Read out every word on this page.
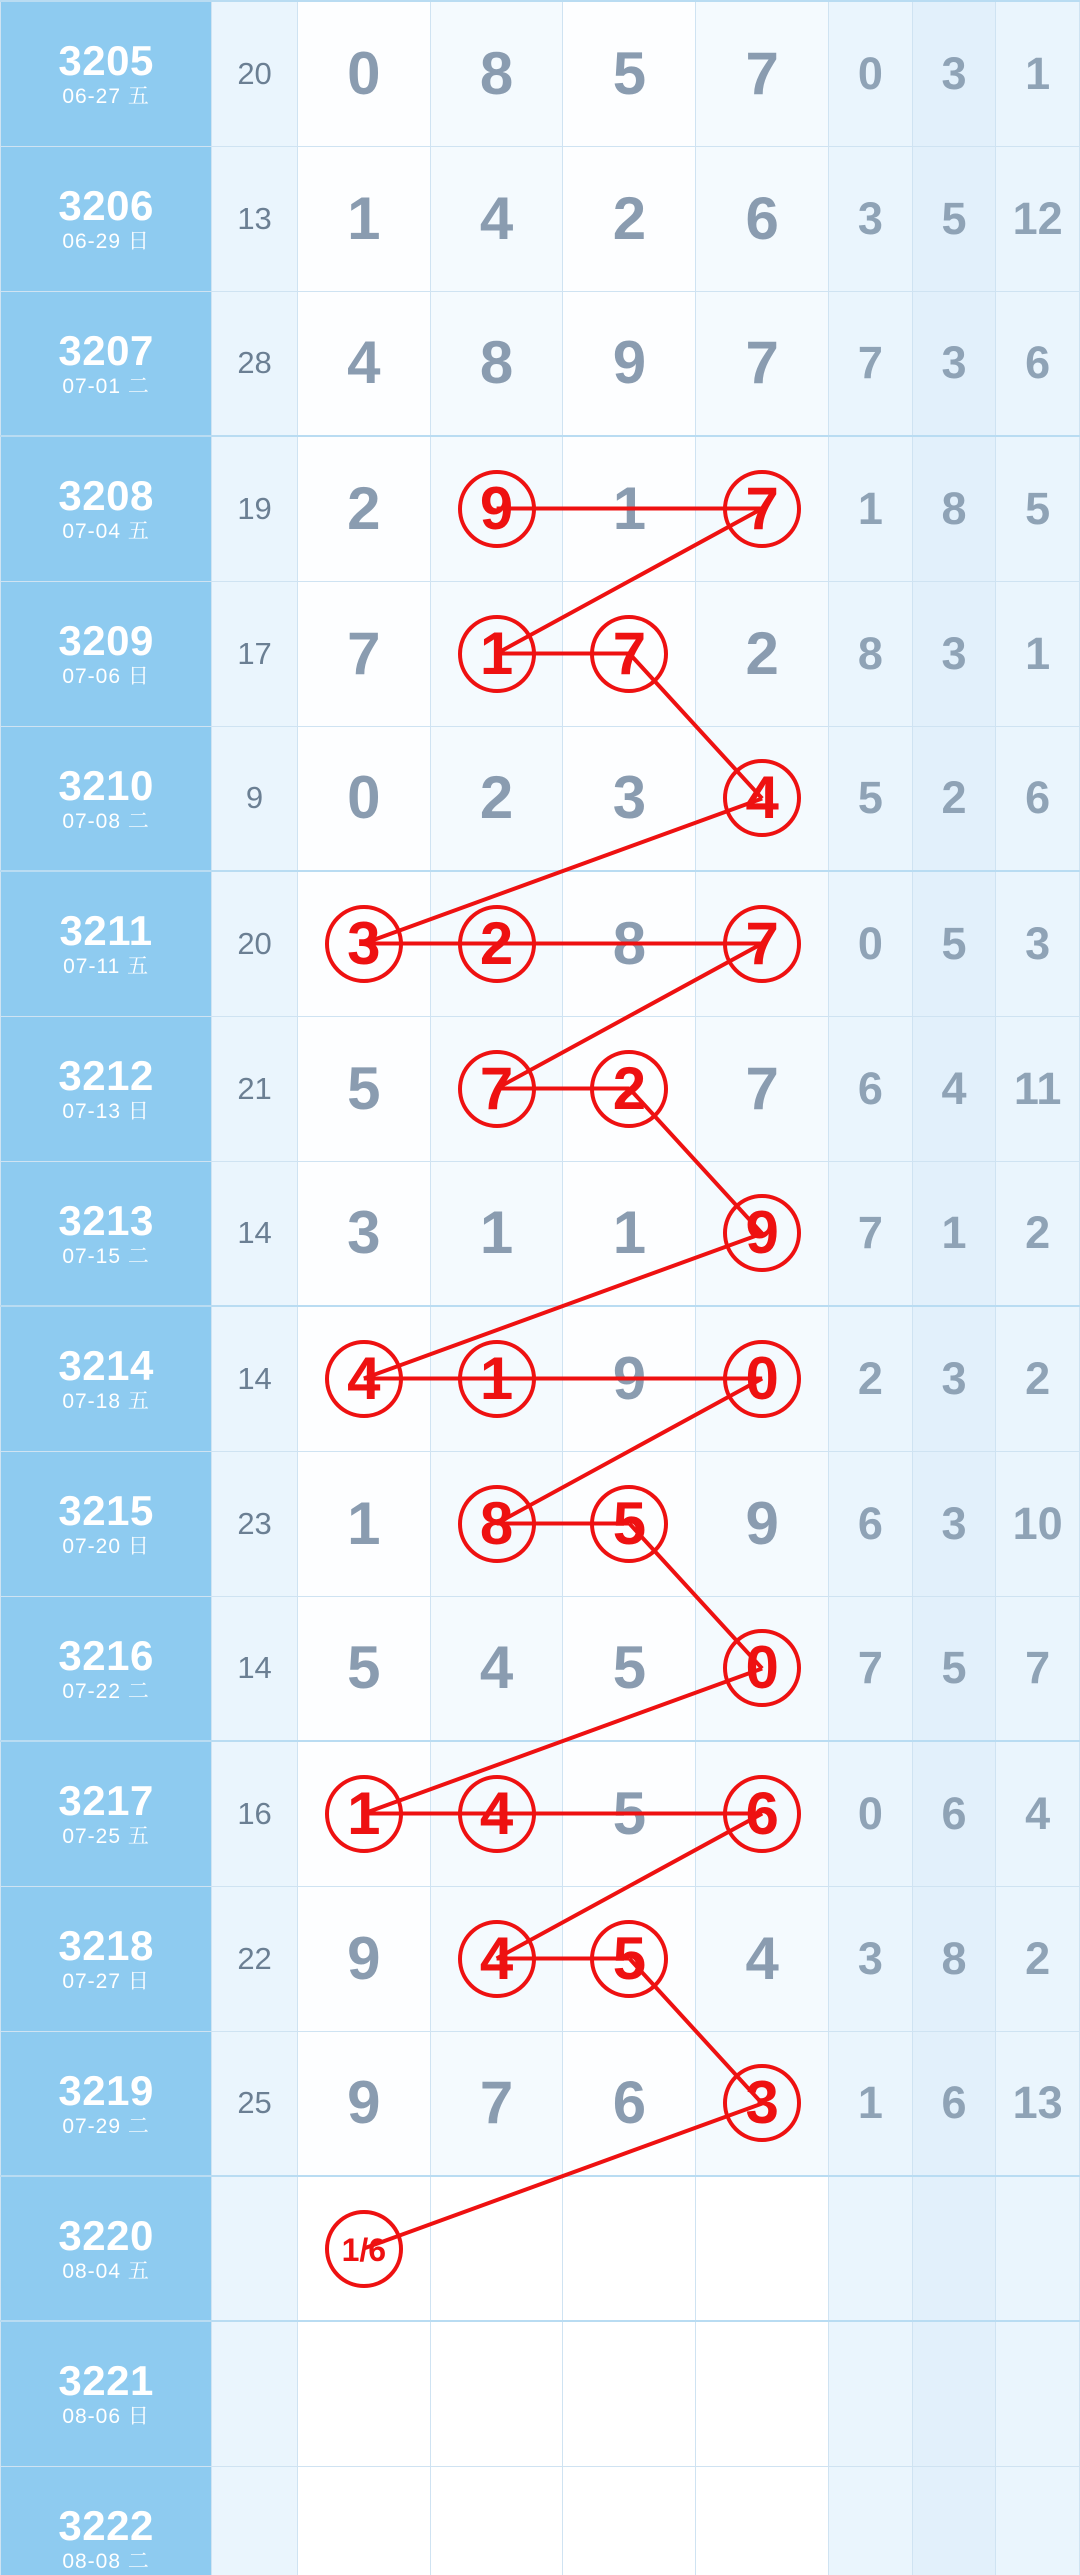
3205
06-27 五	20	0	8	5	7	0	3	1

3206
06-29 日	13	1	4	2	6	3	5	12

3207
07-01 二	28	4	8	9	7	7	3	6

3208
07-04 五	19	2	9	1	7	1	8	5

3209
07-06 日	17	7	1	7	2	8	3	1

3210
07-08 二	9	0	2	3	4	5	2	6

3211
07-11 五	20	3	2	8	7	0	5	3

3212
07-13 日	21	5	7	2	7	6	4	11

3213
07-15 二	14	3	1	1	9	7	1	2

3214
07-18 五	14	4	1	9	0	2	3	2

3215
07-20 日	23	1	8	5	9	6	3	10

3216
07-22 二	14	5	4	5	0	7	5	7

3217
07-25 五	16	1	4	5	6	0	6	4

3218
07-27 日	22	9	4	5	4	3	8	2

3219
07-29 二	25	9	7	6	3	1	6	13

3220
08-04 五		1/6						

3221
08-06 日								

3222
08-08 二								
